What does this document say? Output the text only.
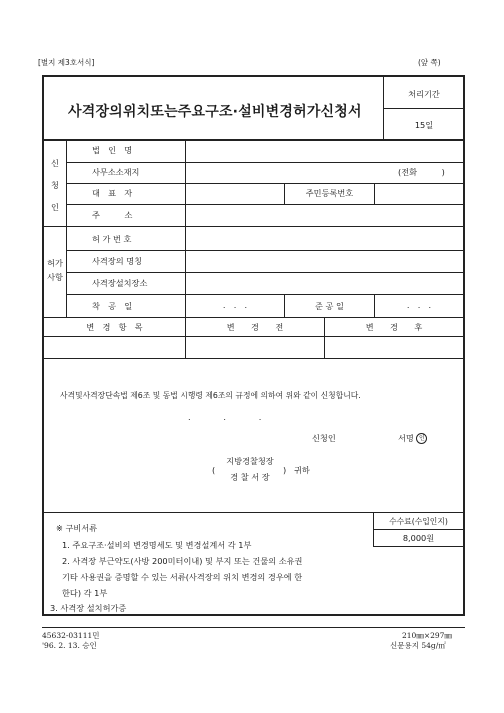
[별지 제3호서식]	(앞 쪽)
사격장의위치또는주요구조·설비변경허가신청서
처리기간
15일
신
청
인
법　인　명
사무소소재지	(전화　　　)
대　표　자	주민등록번호
주　　　소
허가
사항
허 가 번 호
사격장의 명칭
사격장설치장소
착　공　일	.　.　.	준 공 일	.　.　.
변　경　항　목	변　　경　　전	변　　경　　후
사격및사격장단속법 제6조 및 동법 시행령 제6조의 규정에 의하여 위와 같이 신청합니다.
.　　　　.　　　　.
신청인	서명 인
(
지방경찰청장
경 찰 서 장
) 귀하
※ 구비서류
1. 주요구조·설비의 변경명세도 및 변경설계서 각 1부
2. 사격장 부근약도(사방 200미터이내) 및 부지 또는 건물의 소유권
기타 사용권을 증명할 수 있는 서류(사격장의 위치 변경의 경우에 한
한다) 각 1부
3. 사격장 설치허가증
수수료(수입인지)
8,000원
45632-03111민
'96. 2. 13. 승인
210㎜×297㎜
신문용지 54g/㎡
